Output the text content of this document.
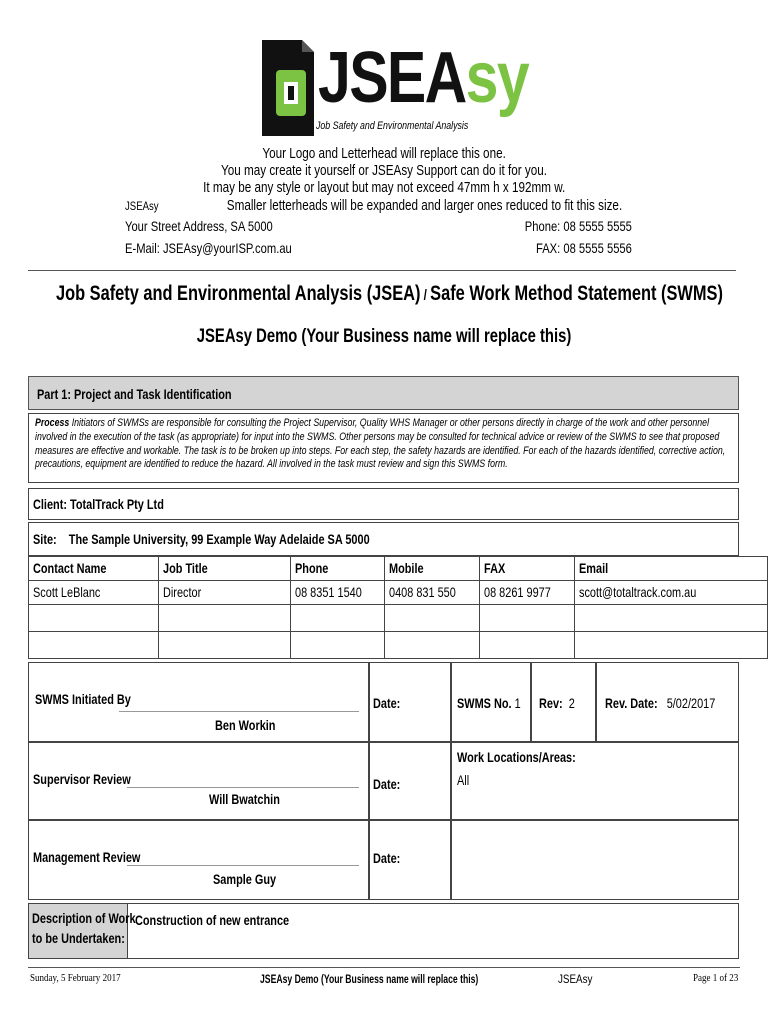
JSEAsy
Job Safety and Environmental Analysis
Your Logo and Letterhead will replace this one.
You may create it yourself or JSEAsy Support can do it for you.
It may be any style or layout but may not exceed 47mm h x 192mm w.
Smaller letterheads will be expanded and larger ones reduced to fit this size.
JSEAsy
Your Street Address, SA 5000
E-Mail: JSEAsy@yourISP.com.au
Phone: 08 5555 5555
FAX: 08 5555 5556
Job Safety and Environmental Analysis (JSEA) / Safe Work Method Statement (SWMS)
JSEAsy Demo (Your Business name will replace this)
Part 1: Project and Task Identification
Process Initiators of SWMSs are responsible for consulting the Project Supervisor, Quality WHS Manager or other persons directly in charge of the work and other personnel involved in the execution of the task (as appropriate) for input into the SWMS. Other persons may be consulted for technical advice or review of the SWMS to see that proposed measures are effective and workable. The task is to be broken up into steps. For each step, the safety hazards are identified. For each of the hazards identified, corrective action, precautions, equipment are identified to reduce the hazard. All involved in the task must review and sign this SWMS form.
Client: TotalTrack Pty Ltd
Site: The Sample University, 99 Example Way Adelaide SA 5000
Contact Name	Job Title	Phone	Mobile	FAX	Email
Scott LeBlanc	Director	08 8351 1540	0408 831 550	08 8261 9977	scott@totaltrack.com.au

SWMS Initiated By
Ben Workin
Date:	SWMS No. 1 Rev: 2 Rev. Date: 5/02/2017
Supervisor Review
Will Bwatchin
Date:
Work Locations/Areas:
All
Management Review
Sample Guy
Date:
Description of Work
to be Undertaken:
Construction of new entrance
Sunday, 5 February 2017	JSEAsy Demo (Your Business name will replace this)	JSEAsy	Page 1 of 23
